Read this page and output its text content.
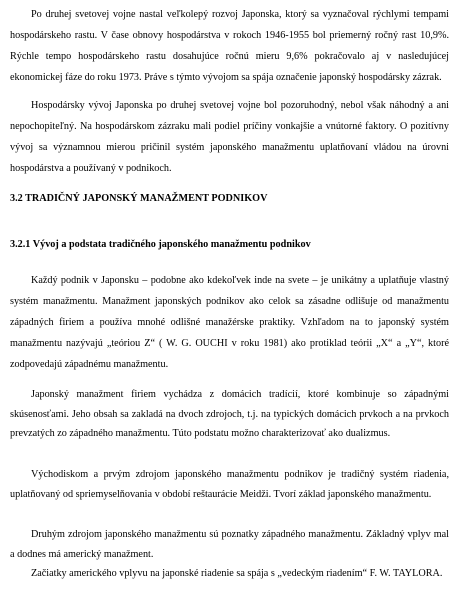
Po druhej svetovej vojne nastal veľkolepý rozvoj Japonska, ktorý sa vyznačoval rýchlymi tempami hospodárskeho rastu. V čase obnovy hospodárstva v rokoch 1946-1955 bol priemerný ročný rast 10,9%. Rýchle tempo hospodárskeho rastu dosahujúce ročnú mieru 9,6% pokračovalo aj v nasledujúcej ekonomickej fáze do roku 1973. Práve s týmto vývojom sa spája označenie japonský hospodársky zázrak.

Hospodársky vývoj Japonska po druhej svetovej vojne bol pozoruhodný, nebol však náhodný a ani nepochopiteľný. Na hospodárskom zázraku mali podiel príčiny vonkajšie a vnútorné faktory. O pozitívny vývoj sa významnou mierou pričinil systém japonského manažmentu uplatňovaní vládou na úrovni hospodárstva a používaný v podnikoch.

3.2 TRADIČNÝ JAPONSKÝ MANAŽMENT PODNIKOV

3.2.1 Vývoj a podstata tradičného japonského manažmentu podnikov

Každý podnik v Japonsku – podobne ako kdekoľvek inde na svete – je unikátny a uplatňuje vlastný systém manažmentu. Manažment japonských podnikov ako celok sa zásadne odlišuje od manažmentu západných firiem a používa mnohé odlišné manažérske praktiky. Vzhľadom na to japonský systém manažmentu nazývajú „teóriou Z“ ( W. G. OUCHI v roku 1981) ako protiklad teórii „X“ a „Y“, ktoré zodpovedajú západnému manažmentu.

Japonský manažment firiem vychádza z domácich tradícií, ktoré kombinuje so západnými skúsenosťami. Jeho obsah sa zakladá na dvoch zdrojoch, t.j. na typických domácich prvkoch a na prvkoch prevzatých zo západného manažmentu. Túto podstatu možno charakterizovať ako dualizmus.

Východiskom a prvým zdrojom japonského manažmentu podnikov je tradičný systém riadenia, uplatňovaný od spriemyselňovania v období reštaurácie Meidži. Tvorí základ japonského manažmentu.

Druhým zdrojom japonského manažmentu sú poznatky západného manažmentu. Základný vplyv mal a dodnes má americký manažment.

Začiatky amerického vplyvu na japonské riadenie sa spája s „vedeckým riadením“ F. W. TAYLORA.
